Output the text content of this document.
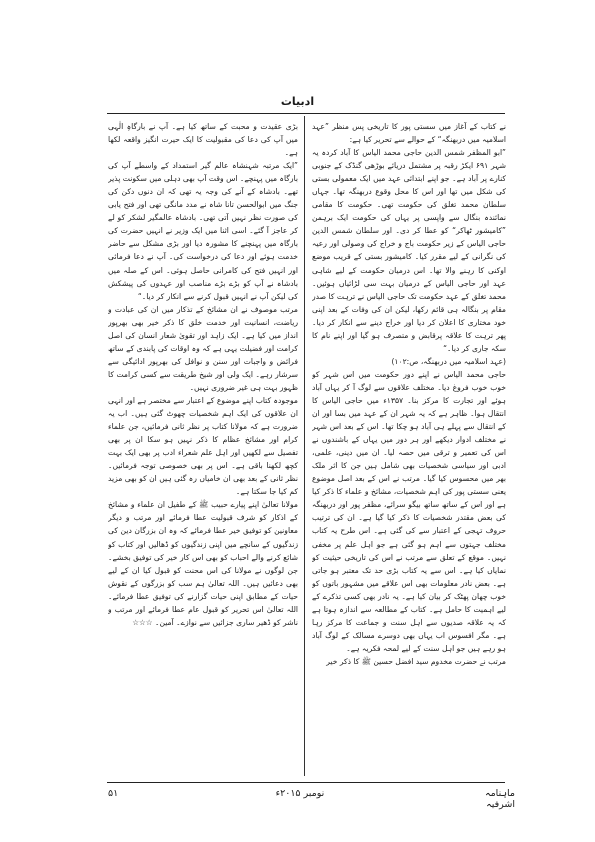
ادبیات

نے کتاب کے آغاز میں سستی پور کا تاریخی پس منظر ”عہد اسلامیہ میں دربھنگہ“ کے حوالے سے تحریر کیا ہے:

”ابو المظفر شمس الدین حاجی محمد الیاس کا آباد کردہ یہ شہر ۶۹۱ ایکڑ رقبہ پر مشتمل دریائے بوڑھی گنڈک کے جنوبی کنارے پر آباد ہے۔ جو اپنے ابتدائی عہد میں ایک معمولی بستی کی شکل میں تھا اور اس کا محل وقوع دربھنگہ تھا۔ جہاں سلطان محمد تغلق کی حکومت تھی۔ حکومت کا مقامی نمائندہ بنگال سے واپسی پر یہاں کی حکومت ایک برہمن ”کامیشور ٹھاکر“ کو عطا کر دی۔ اور سلطان شمس الدین حاجی الیاس کے زیر حکومت باج و خراج کی وصولی اور رعیہ کی نگرانی کے لیے مقرر کیا۔ کامیشور بستی کے قریب موضع اوکنی کا رہنے والا تھا۔ اس درمیان حکومت کے لیے شاہی عہد اور حاجی الیاس کے درمیان بہت سی لڑائیاں ہوئیں۔ محمد تغلق کے عہد حکومت تک حاجی الیاس نے ترہت کا صدر مقام پر بنگالہ ہی قائم رکھا، لیکن ان کی وفات کے بعد اپنی خود مختاری کا اعلان کر دیا اور خراج دینے سے انکار کر دیا۔ پھر ترہت کا علاقہ پرقابض و متصرف ہو گیا اور اپنے نام کا سکہ جاری کر دیا۔“

(عہد اسلامیہ میں دربھنگہ، ص:۱۰۲)

حاجی محمد الیاس نے اپنے دور حکومت میں اس شہر کو خوب خوب فروغ دیا۔ مختلف علاقوں سے لوگ آ کر یہاں آباد ہوئے اور تجارت کا مرکز بنا۔ ۱۳۵۷ء میں حاجی الیاس کا انتقال ہوا۔ ظاہر ہے کہ یہ شہر ان کے عہد میں بسا اور ان کے انتقال سے پہلے ہی آباد ہو چکا تھا۔ اس کے بعد اس شہر نے مختلف ادوار دیکھے اور ہر دور میں یہاں کے باشندوں نے اس کی تعمیر و ترقی میں حصہ لیا۔ ان میں دینی، علمی، ادبی اور سیاسی شخصیات بھی شامل ہیں جن کا اثر ملک بھر میں محسوس کیا گیا۔ مرتب نے اس کے بعد اصل موضوع یعنی سستی پور کی اہم شخصیات، مشائخ و علماء کا ذکر کیا ہے اور اس کے ساتھ ساتھ بیگو سرائے، مظفر پور اور دربھنگہ کی بعض مقتدر شخصیات کا ذکر کیا گیا ہے۔ ان کی ترتیب حروف تہجی کے اعتبار سے کی گئی ہے۔ اس طرح یہ کتاب مختلف جہتوں سے اہم ہو گئی ہے جو اہل علم پر مخفی نہیں۔ موقع کے تعلق سے مرتب نے اس کی تاریخی حیثیت کو نمایاں کیا ہے۔ اس سے یہ کتاب بڑی حد تک معتبر ہو جاتی ہے۔ بعض نادر معلومات بھی اس علاقے میں مشہور باتوں کو خوب چھان پھٹک کر بیان کیا ہے۔ یہ نادر بھی کسی تذکرے کے لیے اہمیت کا حامل ہے۔ کتاب کے مطالعہ سے اندازہ ہوتا ہے کہ یہ علاقہ صدیوں سے اہل سنت و جماعت کا مرکز رہا ہے۔ مگر افسوس اب یہاں بھی دوسرے مسالک کے لوگ آباد ہو رہے ہیں جو اہل سنت کے لیے لمحہ فکریہ ہے۔

مرتب نے حضرت مخدوم سید افضل حسین ﷺ کا ذکر خیر

بڑی عقیدت و محبت کے ساتھ کیا ہے۔ آپ نے بارگاہِ الٰہی میں آپ کی دعا کی مقبولیت کا ایک حیرت انگیز واقعہ لکھا ہے۔

”ایک مرتبہ شہنشاہ عالم گیر استمداد کے واسطے آپ کی بارگاہ میں پہنچے۔ اس وقت آپ بھی دہلی میں سکونت پذیر تھے۔ بادشاہ کے آنے کی وجہ یہ تھی کہ ان دنوں دکن کی جنگ میں ابوالحسن تانا شاہ نے مدد مانگی تھی اور فتح یابی کی صورت نظر نہیں آتی تھی۔ بادشاہ عالمگیر لشکر کو لے کر عاجز آ گئے۔ اسی اثنا میں ایک وزیر نے انہیں حضرت کی بارگاہ میں پہنچنے کا مشورہ دیا اور بڑی مشکل سے حاضر خدمت ہوئے اور دعا کی درخواست کی۔ آپ نے دعا فرمائی اور انہیں فتح کی کامرانی حاصل ہوئی۔ اس کے صلہ میں بادشاہ نے آپ کو بڑے بڑے مناصب اور عہدوں کی پیشکش کی لیکن آپ نے انہیں قبول کرنے سے انکار کر دیا۔“

مرتب موصوف نے ان مشائخ کے تذکار میں ان کی عبادت و ریاضت، انسانیت اور خدمت خلق کا ذکر خیر بھی بھرپور انداز میں کیا ہے۔ ایک زاہد اور تقویٰ شعار انسان کی اصل کرامت اور فضیلت یہی ہے کہ وہ اوقات کی پابندی کے ساتھ فرائض و واجبات اور سنن و نوافل کی بھرپور ادائیگی سے سرشار رہے۔ ایک ولی اور شیخ طریقت سے کسی کرامت کا ظہور بہت ہی غیر ضروری نہیں۔

موجودہ کتاب اپنے موضوع کے اعتبار سے مختصر ہے اور انہی ان علاقوں کی ایک اہم شخصیات چھوٹ گئی ہیں۔ اب یہ ضرورت ہے کہ مولانا کتاب پر نظر ثانی فرمائیں، جن علماء کرام اور مشائخ عظام کا ذکر نہیں ہو سکا ان پر بھی تفصیل سے لکھیں اور اہل علم شعراء ادب پر بھی ایک بہت کچھ لکھنا باقی ہے۔ اس پر بھی خصوصی توجہ فرمائیں۔ نظر ثانی کے بعد بھی ان خامیاں رہ گئی ہیں ان کو بھی مزید کم کیا جا سکتا ہے۔

مولانا تعالیٰ اپنے پیارے حبیب ﷺ کے طفیل ان علماء و مشائخ کے اذکار کو شرف قبولیت عطا فرمائے اور مرتب و دیگر معاونین کو توفیق خیر عطا فرمائے کہ وہ ان بزرگان دین کی زندگیوں کے سانچے میں اپنی زندگیوں کو ڈھالیں اور کتاب کو شائع کرنے والے احباب کو بھی اس کار خیر کی توفیق بخشے۔ جن لوگوں نے مولانا کی اس محنت کو قبول کیا ان کے لیے بھی دعائیں ہیں۔ اللہ تعالیٰ ہم سب کو بزرگوں کے نقوش حیات کے مطابق اپنی حیات گزارنے کی توفیق عطا فرمائے۔ اللہ تعالیٰ اس تحریر کو قبول عام عطا فرمائے اور مرتب و ناشر کو ڈھیر ساری جزائیں سے نوازے۔ آمین۔ ☆☆☆

ماہنامہ اشرفیہ
نومبر ۲۰۱۵ء
۵۱
